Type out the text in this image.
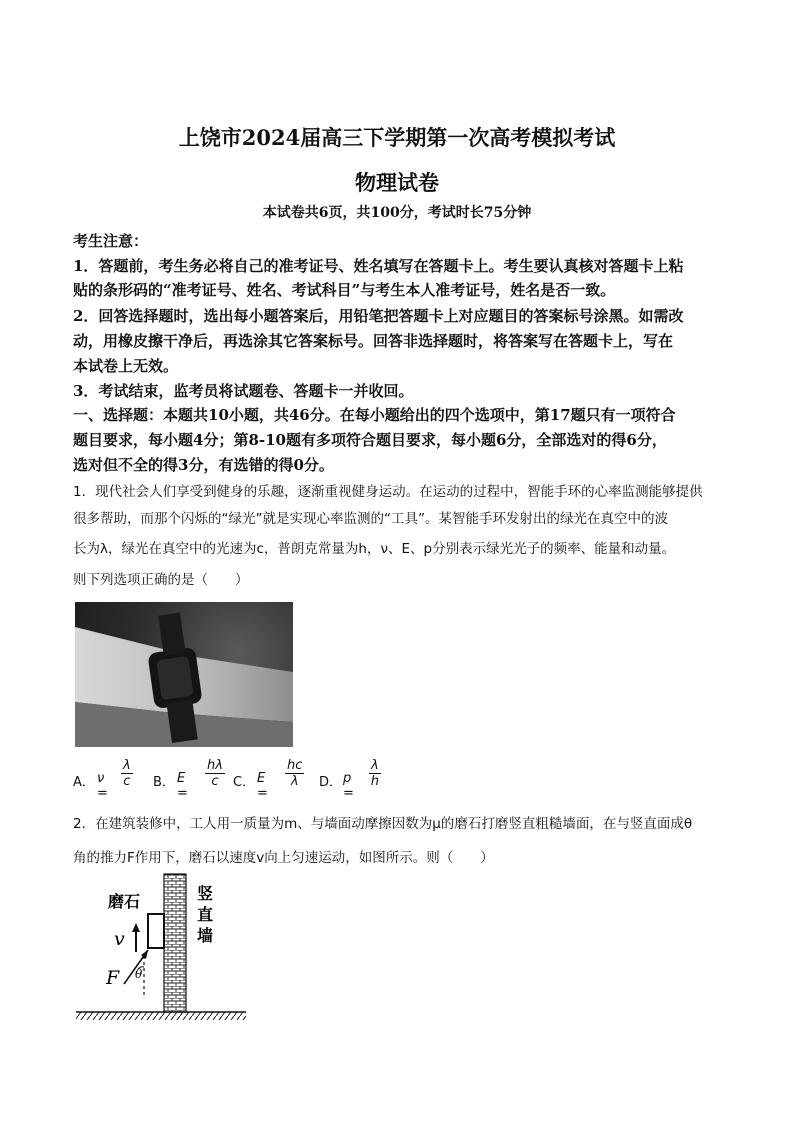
上饶市2024届高三下学期第一次高考模拟考试
物理试卷
本试卷共6页，共100分，考试时长75分钟
考生注意：
1．答题前，考生务必将自己的准考证号、姓名填写在答题卡上。考生要认真核对答题卡上粘
贴的条形码的“准考证号、姓名、考试科目”与考生本人准考证号，姓名是否一致。
2．回答选择题时，选出每小题答案后，用铅笔把答题卡上对应题目的答案标号涂黑。如需改
动，用橡皮擦干净后，再选涂其它答案标号。回答非选择题时，将答案写在答题卡上，写在
本试卷上无效。
3．考试结束，监考员将试题卷、答题卡一并收回。
一、选择题：本题共10小题，共46分。在每小题给出的四个选项中，第17题只有一项符合
题目要求，每小题4分；第8-10题有多项符合题目要求，每小题6分，全部选对的得6分，
选对但不全的得3分，有选错的得0分。
1．现代社会人们享受到健身的乐趣，逐渐重视健身运动。在运动的过程中，智能手环的心率监测能够提供
很多帮助，而那个闪烁的“绿光”就是实现心率监测的“工具”。某智能手环发射出的绿光在真空中的波
长为λ，绿光在真空中的光速为c，普朗克常量为h，ν、E、p分别表示绿光光子的频率、能量和动量。
则下列选项正确的是（　　）
A． ν =
$\frac{\lambda}{c}$ B． E =
$\frac{h\lambda}{c}$ C． E =
$\frac{hc}{\lambda}$ D． p =
$\frac{\lambda}{h}$
2．在建筑装修中，工人用一质量为m、与墙面动摩擦因数为μ的磨石打磨竖直粗糙墙面，在与竖直面成θ
角的推力F作用下，磨石以速度v向上匀速运动，如图所示。则（　　）
磨石	竖
直
墙
v
F θ
